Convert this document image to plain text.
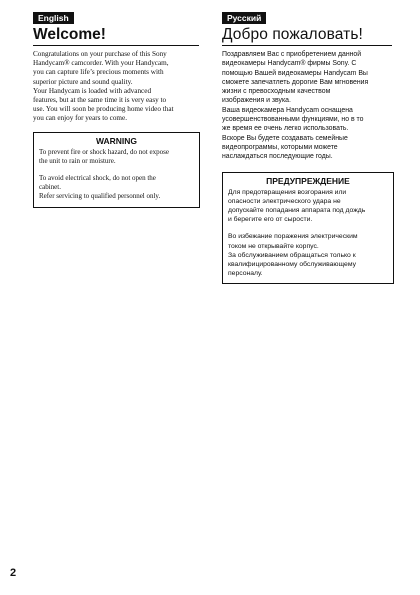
English
Welcome!
Congratulations on your purchase of this Sony
Handycam® camcorder. With your Handycam,
you can capture life’s precious moments with
superior picture and sound quality.
Your Handycam is loaded with advanced
features, but at the same time it is very easy to
use. You will soon be producing home video that
you can enjoy for years to come.
WARNING
To prevent fire or shock hazard, do not expose
the unit to rain or moisture.
To avoid electrical shock, do not open the
cabinet.
Refer servicing to qualified personnel only.
Русский
Добро пожаловать!
Поздравляем Вас с приобретением данной
видеокамеры Handycam® фирмы Sony. С
помощью Вашей видеокамеры Handycam Вы
сможете запечатлеть дорогие Вам мгновения
жизни с превосходным качеством
изображения и звука.
Ваша видеокамера Handycam оснащена
усовершенствованными функциями, но в то
же время ее очень легко использовать.
Вскоре Вы будете создавать семейные
видеопрограммы, которыми можете
наслаждаться последующие годы.
ПРЕДУПРЕЖДЕНИЕ
Для предотвращения возгорания или
опасности электрического удара не
допускайте попадания аппарата под дождь
и берегите его от сырости.
Во избежание поражения электрическим
током не открывайте корпус.
За обслуживанием обращаться только к
квалифицированному обслуживающему
персоналу.
2
